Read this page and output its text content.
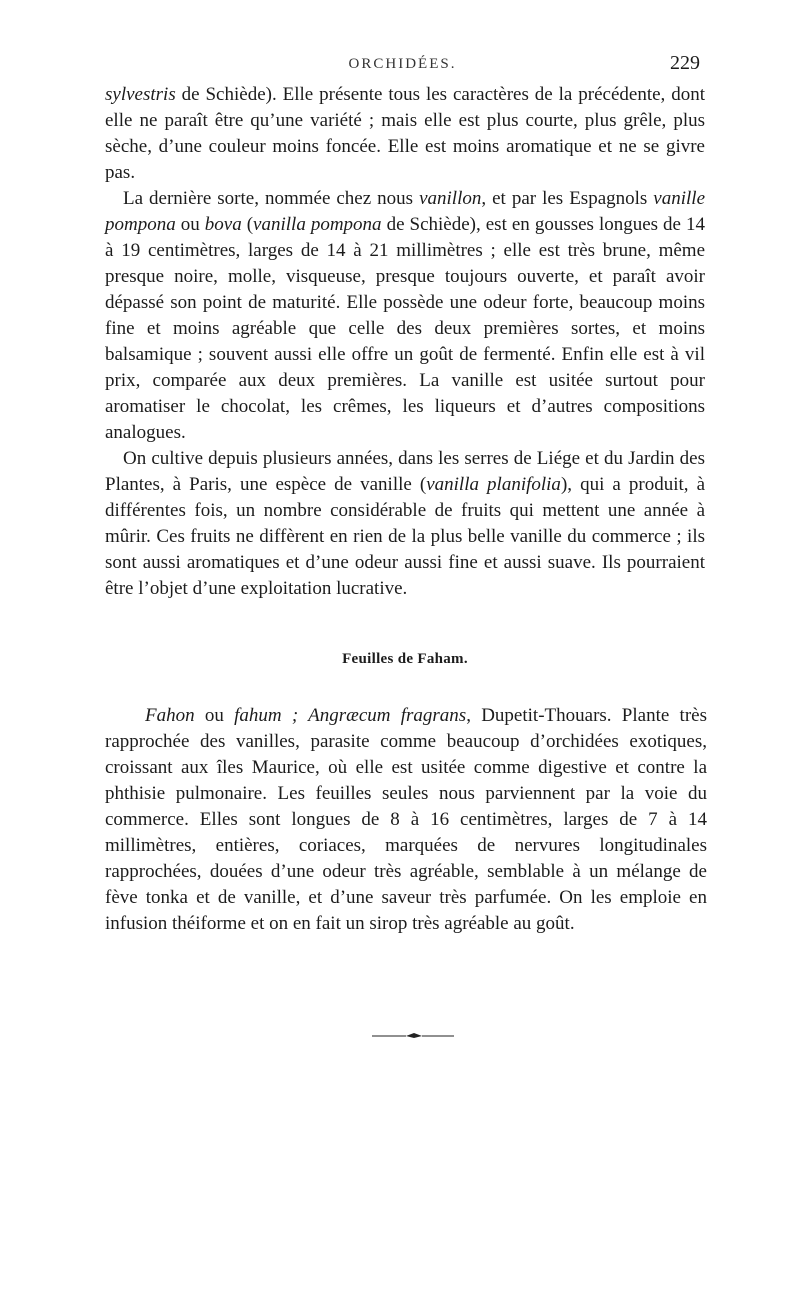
ORCHIDÉES.	229

sylvestris de Schiède). Elle présente tous les caractères de la précédente, dont elle ne paraît être qu’une variété ; mais elle est plus courte, plus grêle, plus sèche, d’une couleur moins foncée. Elle est moins aromatique et ne se givre pas.

La dernière sorte, nommée chez nous vanillon, et par les Espagnols vanille pompona ou bova (vanilla pompona de Schiède), est en gousses longues de 14 à 19 centimètres, larges de 14 à 21 millimètres ; elle est très brune, même presque noire, molle, visqueuse, presque toujours ouverte, et paraît avoir dépassé son point de maturité. Elle possède une odeur forte, beaucoup moins fine et moins agréable que celle des deux premières sortes, et moins balsamique ; souvent aussi elle offre un goût de fermenté. Enfin elle est à vil prix, comparée aux deux premières. La vanille est usitée surtout pour aromatiser le chocolat, les crêmes, les liqueurs et d’autres compositions analogues.

On cultive depuis plusieurs années, dans les serres de Liége et du Jardin des Plantes, à Paris, une espèce de vanille (vanilla planifolia), qui a produit, à différentes fois, un nombre considérable de fruits qui mettent une année à mûrir. Ces fruits ne diffèrent en rien de la plus belle vanille du commerce ; ils sont aussi aromatiques et d’une odeur aussi fine et aussi suave. Ils pourraient être l’objet d’une exploitation lucrative.

Feuilles de Faham.

Fahon ou fahum ; Angræcum fragrans, Dupetit-Thouars. Plante très rapprochée des vanilles, parasite comme beaucoup d’orchidées exotiques, croissant aux îles Maurice, où elle est usitée comme digestive et contre la phthisie pulmonaire. Les feuilles seules nous parviennent par la voie du commerce. Elles sont longues de 8 à 16 centimètres, larges de 7 à 14 millimètres, entières, coriaces, marquées de nervures longitudinales rapprochées, douées d’une odeur très agréable, semblable à un mélange de fève tonka et de vanille, et d’une saveur très parfumée. On les emploie en infusion théiforme et on en fait un sirop très agréable au goût.
